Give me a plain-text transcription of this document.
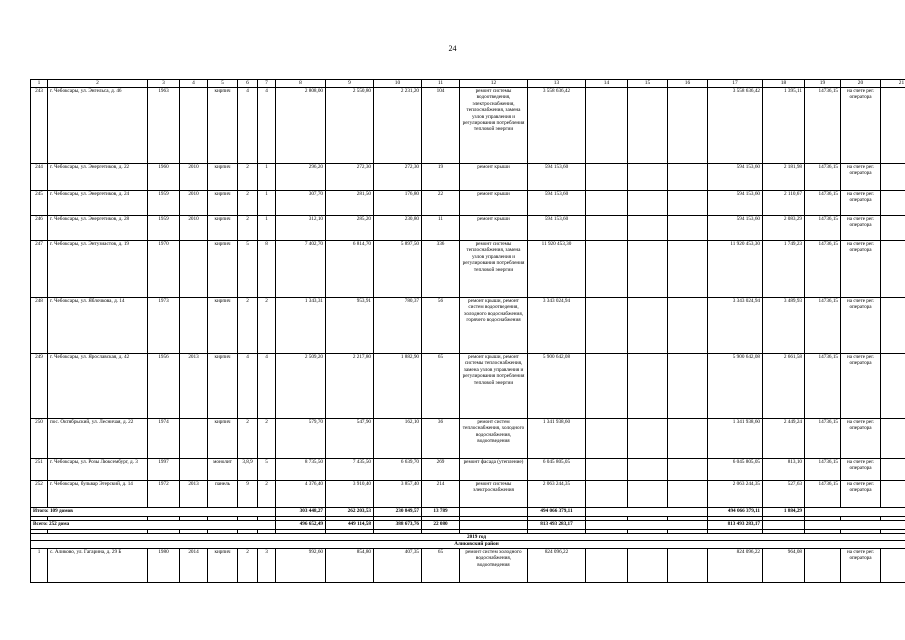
24
1	2	3	4	5	6	7	8	9	10	11	12	13	14	15	16	17	18	19	20	21
243	г. Чебоксары, ул. Энгельса, д. 46	1963		кирпич	4	4	2 808,00	2 550,80	2 231,20	104	ремонт системы водоотведения, электроснабжения, теплоснабжения, замена узлов управления и регулирования потребления тепловой энергии	3 558 636,42				3 558 636,42	1 395,11	14736,15	на счете рег. оператора	
244	г. Чебоксары, ул. Энергетиков, д. 22	1960	2010	кирпич	2	1	296,20	272,30	272,30	19	ремонт крыши	594 153,60				594 153,60	2 181,98	14736,15	на счете рег. оператора	
245	г. Чебоксары, ул. Энергетиков, д. 24	1959	2010	кирпич	2	1	307,70	281,50	176,80	22	ремонт крыши	594 153,60				594 153,60	2 110,67	14736,15	на счете рег. оператора	
246	г. Чебоксары, ул. Энергетиков, д. 28	1959	2010	кирпич	2	1	312,10	285,20	230,80	11	ремонт крыши	594 153,60				594 153,60	2 083,29	14736,15	на счете рег. оператора	
247	г. Чебоксары, ул. Энтузиастов, д. 19	1970		кирпич	5	8	7 402,70	6 814,70	5 897,50	336	ремонт системы теплоснабжения, замена узлов управления и регулирования потребления тепловой энергии	11 920 453,30				11 920 453,30	1 749,23	14736,15	на счете рег. оператора	
248	г. Чебоксары, ул. Яблочкова, д. 14	1973		кирпич	2	2	1 343,31	953,91	780,37	56	ремонт крыши, ремонт систем водоотведения, холодного водоснабжения, горячего водоснабжения	3 343 024,94				3 343 024,94	3 489,93	14736,15	на счете рег. оператора	
249	г. Чебоксары, ул. Ярославская, д. 42	1956	2013	кирпич	4	4	2 509,20	2 217,80	1 882,90	65	ремонт крыши, ремонт системы теплоснабжения, замена узлов управления и регулирования потребления тепловой энергии	5 900 642,08				5 900 642,08	2 661,58	14736,15	на счете рег. оператора	
250	пос. Октябрьский, ул. Лесничая, д. 22	1974		кирпич	2	2	579,70	547,90	162,10	36	ремонт систем теплоснабжения, холодного водоснабжения, водоотведения	1 341 938,60				1 341 938,60	2 449,24	14736,15	на счете рег. оператора	
251	г. Чебоксары, ул. Розы Люксембург, д. 3	1997		монолит	3,8,9	5	8 735,50	7 435,50	6 639,70	269	ремонт фасада (утепление)	6 045 805,05				6 045 805,05	813,10	14736,15	на счете рег. оператора	
252	г. Чебоксары, бульвар Эгерский, д. 14	1972	2013	панель	9	2	4 376,40	3 910,40	3 857,40	214	ремонт системы электроснабжения	2 063 244,35				2 063 244,35	527,63	14736,15	на счете рег. оператора	
Итого: 109 домов							303 448,27	262 203,53	230 849,57	13 789		494 066 379,11				494 066 379,11	1 884,29			

Всего: 252 дома							496 652,49	449 114,58	388 673,76	22 080		813 493 283,17				813 493 283,17				

2019 год																				
Аликовский район																				
1	с. Аликово, ул. Гагарина, д. 29 Б	1980	2014	кирпич	2	3	992,60	854,80	407,35	65	ремонт систем холодного водоснабжения, водоотведения	824 096,22				824 096,22	964,08		на счете рег. оператора	
